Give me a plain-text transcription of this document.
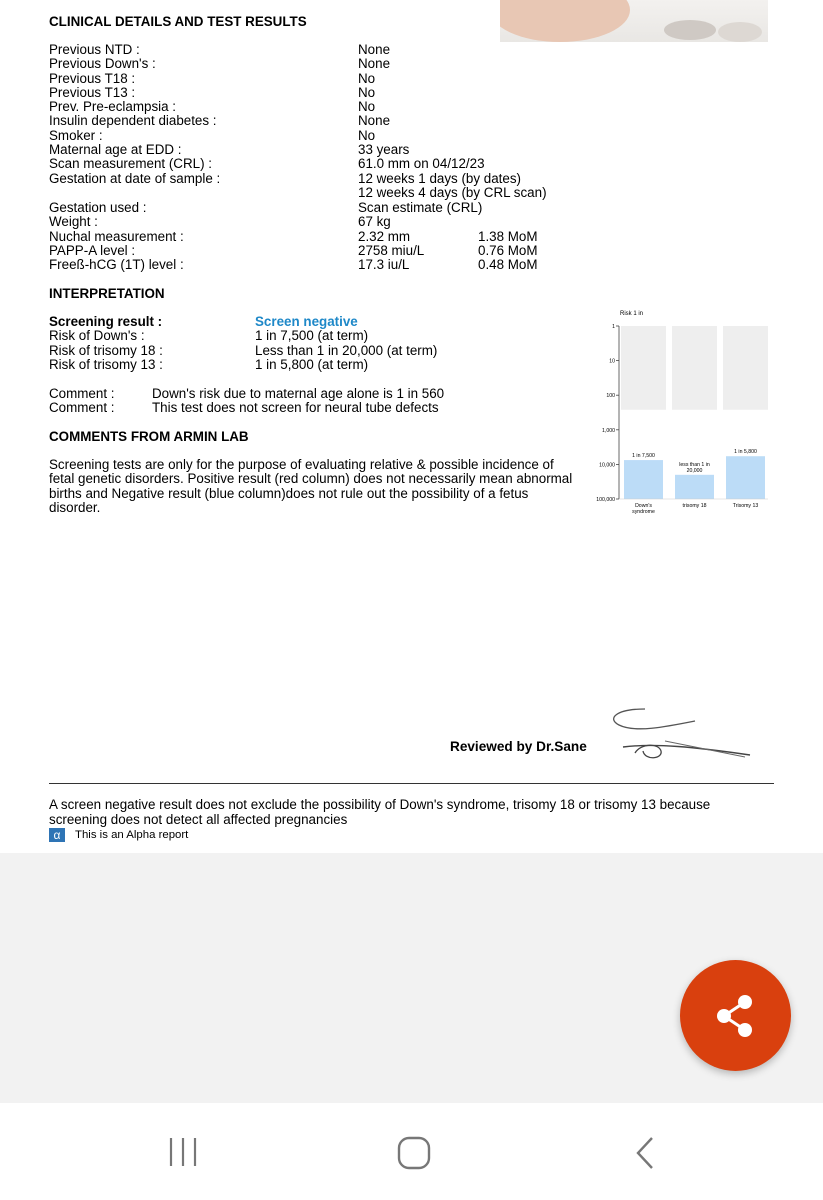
CLINICAL DETAILS AND TEST RESULTS
Previous NTD :
Previous Down's :
Previous T18 :
Previous T13 :
Prev. Pre-eclampsia :
Insulin dependent diabetes :
Smoker :
Maternal age at EDD :
Scan measurement (CRL) :
Gestation at date of sample :
None
None
No
No
No
None
No
33 years
61.0 mm on 04/12/23
12 weeks 1 days (by dates)
12 weeks 4 days (by CRL scan)
Gestation used :
Weight :
Nuchal measurement :
PAPP-A level :
Freeß-hCG (1T) level :
Scan estimate (CRL)
67 kg
2.32 mm
2758 miu/L
17.3 iu/L
1.38 MoM
0.76 MoM
0.48 MoM
INTERPRETATION
Screening result :
Risk of Down's :
Risk of trisomy 18 :
Risk of trisomy 13 :
Screen negative
1 in 7,500 (at term)
Less than 1 in 20,000 (at term)
1 in 5,800 (at term)
Comment :
Comment :
Down's risk due to maternal age alone is 1 in 560
This test does not screen for neural tube defects
COMMENTS FROM ARMIN LAB
Screening tests are only for the purpose of evaluating relative & possible incidence of
fetal genetic disorders. Positive result (red column) does not necessarily mean abnormal
births and Negative result (blue column)does not rule out the possibility of a fetus
disorder.
Risk 1 in
1 in 7,500
Down's
syndrome
less than 1 in
20,000
trisomy 18
1 in 5,800
Trisomy 13
1
10
100
1,000
10,000
100,000
Reviewed by Dr.Sane
A screen negative result does not exclude the possibility of Down's syndrome, trisomy 18 or trisomy 13 because
screening does not detect all affected pregnancies
α This is an Alpha report
